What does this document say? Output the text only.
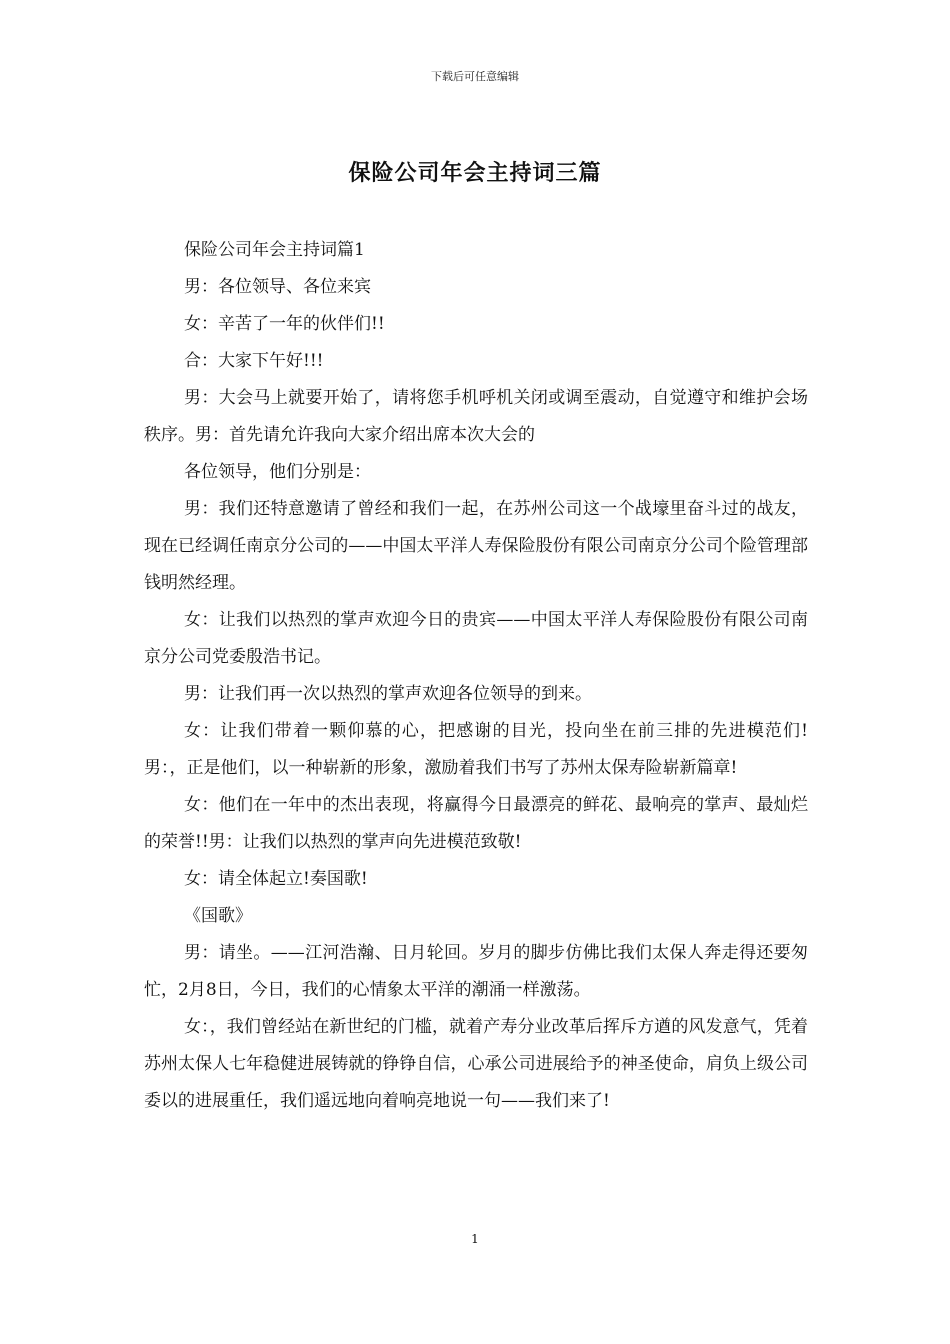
下载后可任意编辑
保险公司年会主持词三篇

保险公司年会主持词篇1

男：各位领导、各位来宾

女：辛苦了一年的伙伴们!!

合：大家下午好!!!

男：大会马上就要开始了，请将您手机呼机关闭或调至震动，自觉遵守和维护会场秩序。男：首先请允许我向大家介绍出席本次大会的

各位领导，他们分别是：

男：我们还特意邀请了曾经和我们一起，在苏州公司这一个战壕里奋斗过的战友，现在已经调任南京分公司的——中国太平洋人寿保险股份有限公司南京分公司个险管理部钱明然经理。

女：让我们以热烈的掌声欢迎今日的贵宾——中国太平洋人寿保险股份有限公司南京分公司党委殷浩书记。

男：让我们再一次以热烈的掌声欢迎各位领导的到来。

女：让我们带着一颗仰慕的心，把感谢的目光，投向坐在前三排的先进模范们!男：，正是他们，以一种崭新的形象，激励着我们书写了苏州太保寿险崭新篇章!

女：他们在一年中的杰出表现，将赢得今日最漂亮的鲜花、最响亮的掌声、最灿烂的荣誉!!男：让我们以热烈的掌声向先进模范致敬!

女：请全体起立!奏国歌!

《国歌》

男：请坐。——江河浩瀚、日月轮回。岁月的脚步仿佛比我们太保人奔走得还要匆忙，2月8日，今日，我们的心情象太平洋的潮涌一样激荡。

女：，我们曾经站在新世纪的门槛，就着产寿分业改革后挥斥方遒的风发意气，凭着苏州太保人七年稳健进展铸就的铮铮自信，心承公司进展给予的神圣使命，肩负上级公司委以的进展重任，我们遥远地向着响亮地说一句——我们来了!

1
